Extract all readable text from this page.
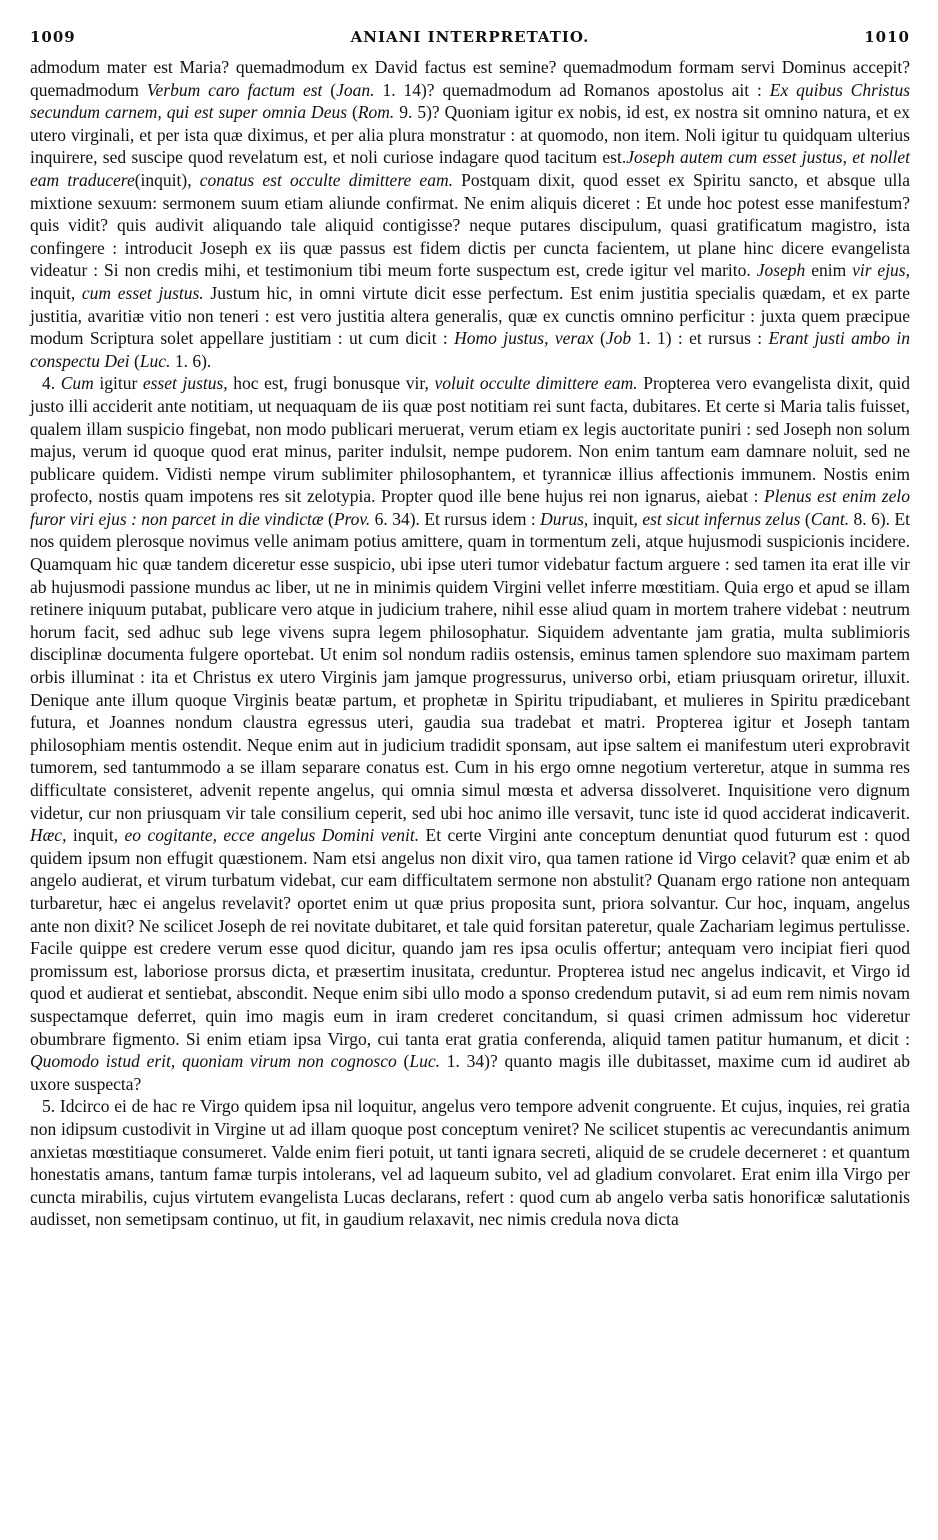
1009	ANIANI INTERPRETATIO.	1010

admodum mater est Maria? quemadmodum ex David factus est semine? quemadmodum formam servi Dominus accepit? quemadmodum Verbum caro factum est (Joan. 1. 14)? quemadmodum ad Romanos apostolus ait : Ex quibus Christus secundum carnem, qui est super omnia Deus (Rom. 9. 5)? Quoniam igitur ex nobis, id est, ex nostra sit omnino natura, et ex utero virginali, et per ista quæ diximus, et per alia plura monstratur : at quomodo, non item. Noli igitur tu quidquam ulterius inquirere, sed suscipe quod revelatum est, et noli curiose indagare quod tacitum est.Joseph autem cum esset justus, et nollet eam traducere(inquit), conatus est occulte dimittere eam. Postquam dixit, quod esset ex Spiritu sancto, et absque ulla mixtione sexuum: sermonem suum etiam aliunde confirmat. Ne enim aliquis diceret : Et unde hoc potest esse manifestum? quis vidit? quis audivit aliquando tale aliquid contigisse? neque putares discipulum, quasi gratificatum magistro, ista confingere : introducit Joseph ex iis quæ passus est fidem dictis per cuncta facientem, ut plane hinc dicere evangelista videatur : Si non credis mihi, et testimonium tibi meum forte suspectum est, crede igitur vel marito. Joseph enim vir ejus, inquit, cum esset justus. Justum hic, in omni virtute dicit esse perfectum. Est enim justitia specialis quædam, et ex parte justitia, avaritiæ vitio non teneri : est vero justitia altera generalis, quæ ex cunctis omnino perficitur : juxta quem præcipue modum Scriptura solet appellare justitiam : ut cum dicit : Homo justus, verax (Job 1. 1) : et rursus : Erant justi ambo in conspectu Dei (Luc. 1. 6).

4. Cum igitur esset justus, hoc est, frugi bonusque vir, voluit occulte dimittere eam. Propterea vero evangelista dixit, quid justo illi acciderit ante notitiam, ut nequaquam de iis quæ post notitiam rei sunt facta, dubitares. Et certe si Maria talis fuisset, qualem illam suspicio fingebat, non modo publicari meruerat, verum etiam ex legis auctoritate puniri : sed Joseph non solum majus, verum id quoque quod erat minus, pariter indulsit, nempe pudorem. Non enim tantum eam damnare noluit, sed ne publicare quidem. Vidisti nempe virum sublimiter philosophantem, et tyrannicæ illius affectionis immunem. Nostis enim profecto, nostis quam impotens res sit zelotypia. Propter quod ille bene hujus rei non ignarus, aiebat : Plenus est enim zelo furor viri ejus : non parcet in die vindictæ (Prov. 6. 34). Et rursus idem : Durus, inquit, est sicut infernus zelus (Cant. 8. 6). Et nos quidem plerosque novimus velle animam potius amittere, quam in tormentum zeli, atque hujusmodi suspicionis incidere. Quamquam hic quæ tandem diceretur esse suspicio, ubi ipse uteri tumor videbatur factum arguere : sed tamen ita erat ille vir ab hujusmodi passione mundus ac liber, ut ne in minimis quidem Virgini vellet inferre mœstitiam. Quia ergo et apud se illam retinere iniquum putabat, publicare vero atque in judicium trahere, nihil esse aliud quam in mortem trahere videbat : neutrum horum facit, sed adhuc sub lege vivens supra legem philosophatur. Siquidem adventante jam gratia, multa sublimioris disciplinæ documenta fulgere oportebat. Ut enim sol nondum radiis ostensis, eminus tamen splendore suo maximam partem orbis illuminat : ita et Christus ex utero Virginis jam jamque progressurus, universo orbi, etiam priusquam oriretur, illuxit. Denique ante illum quoque Virginis beatæ partum, et prophetæ in Spiritu tripudiabant, et mulieres in Spiritu prædicebant futura, et Joannes nondum claustra egressus uteri, gaudia sua tradebat et matri. Propterea igitur et Joseph tantam philosophiam mentis ostendit. Neque enim aut in judicium tradidit sponsam, aut ipse saltem ei manifestum uteri exprobravit tumorem, sed tantummodo a se illam separare conatus est. Cum in his ergo omne negotium verteretur, atque in summa res difficultate consisteret, advenit repente angelus, qui omnia simul mœsta et adversa dissolveret. Inquisitione vero dignum videtur, cur non priusquam vir tale consilium ceperit, sed ubi hoc animo ille versavit, tunc iste id quod acciderat indicaverit. Hæc, inquit, eo cogitante, ecce angelus Domini venit. Et certe Virgini ante conceptum denuntiat quod futurum est : quod quidem ipsum non effugit quæstionem. Nam etsi angelus non dixit viro, qua tamen ratione id Virgo celavit? quæ enim et ab angelo audierat, et virum turbatum videbat, cur eam difficultatem sermone non abstulit? Quanam ergo ratione non antequam turbaretur, hæc ei angelus revelavit? oportet enim ut quæ prius proposita sunt, priora solvantur. Cur hoc, inquam, angelus ante non dixit? Ne scilicet Joseph de rei novitate dubitaret, et tale quid forsitan pateretur, quale Zachariam legimus pertulisse. Facile quippe est credere verum esse quod dicitur, quando jam res ipsa oculis offertur; antequam vero incipiat fieri quod promissum est, laboriose prorsus dicta, et præsertim inusitata, creduntur. Propterea istud nec angelus indicavit, et Virgo id quod et audierat et sentiebat, abscondit. Neque enim sibi ullo modo a sponso credendum putavit, si ad eum rem nimis novam suspectamque deferret, quin imo magis eum in iram crederet concitandum, si quasi crimen admissum hoc videretur obumbrare figmento. Si enim etiam ipsa Virgo, cui tanta erat gratia conferenda, aliquid tamen patitur humanum, et dicit : Quomodo istud erit, quoniam virum non cognosco (Luc. 1. 34)? quanto magis ille dubitasset, maxime cum id audiret ab uxore suspecta?

5. Idcirco ei de hac re Virgo quidem ipsa nil loquitur, angelus vero tempore advenit congruente. Et cujus, inquies, rei gratia non idipsum custodivit in Virgine ut ad illam quoque post conceptum veniret? Ne scilicet stupentis ac verecundantis animum anxietas mœstitiaque consumeret. Valde enim fieri potuit, ut tanti ignara secreti, aliquid de se crudele decerneret : et quantum honestatis amans, tantum famæ turpis intolerans, vel ad laqueum subito, vel ad gladium convolaret. Erat enim illa Virgo per cuncta mirabilis, cujus virtutem evangelista Lucas declarans, refert : quod cum ab angelo verba satis honorificæ salutationis audisset, non semetipsam continuo, ut fit, in gaudium relaxavit, nec nimis credula nova dicta
